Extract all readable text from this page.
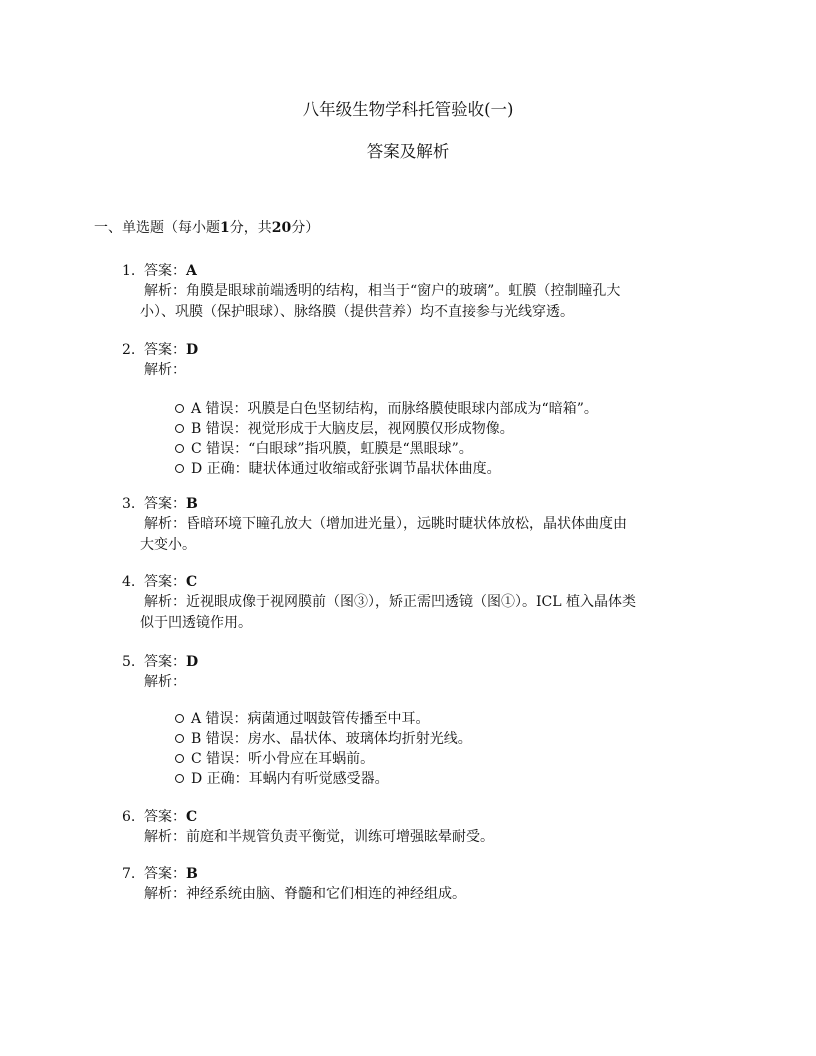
八年级生物学科托管验收(一)
答案及解析

一、单选题（每小题1分，共20分）

1. 答案：A
解析：角膜是眼球前端透明的结构，相当于“窗户的玻璃”。虹膜（控制瞳孔大
小）、巩膜（保护眼球）、脉络膜（提供营养）均不直接参与光线穿透。
2. 答案：D
解析：
A 错误：巩膜是白色坚韧结构，而脉络膜使眼球内部成为“暗箱”。
B 错误：视觉形成于大脑皮层，视网膜仅形成物像。
C 错误：“白眼球”指巩膜，虹膜是“黑眼球”。
D 正确：睫状体通过收缩或舒张调节晶状体曲度。
3. 答案：B
解析：昏暗环境下瞳孔放大（增加进光量），远眺时睫状体放松，晶状体曲度由
大变小。
4. 答案：C
解析：近视眼成像于视网膜前（图③），矫正需凹透镜（图①）。ICL 植入晶体类
似于凹透镜作用。
5. 答案：D
解析：
A 错误：病菌通过咽鼓管传播至中耳。
B 错误：房水、晶状体、玻璃体均折射光线。
C 错误：听小骨应在耳蜗前。
D 正确：耳蜗内有听觉感受器。
6. 答案：C
解析：前庭和半规管负责平衡觉，训练可增强眩晕耐受。
7. 答案：B
解析：神经系统由脑、脊髓和它们相连的神经组成。
